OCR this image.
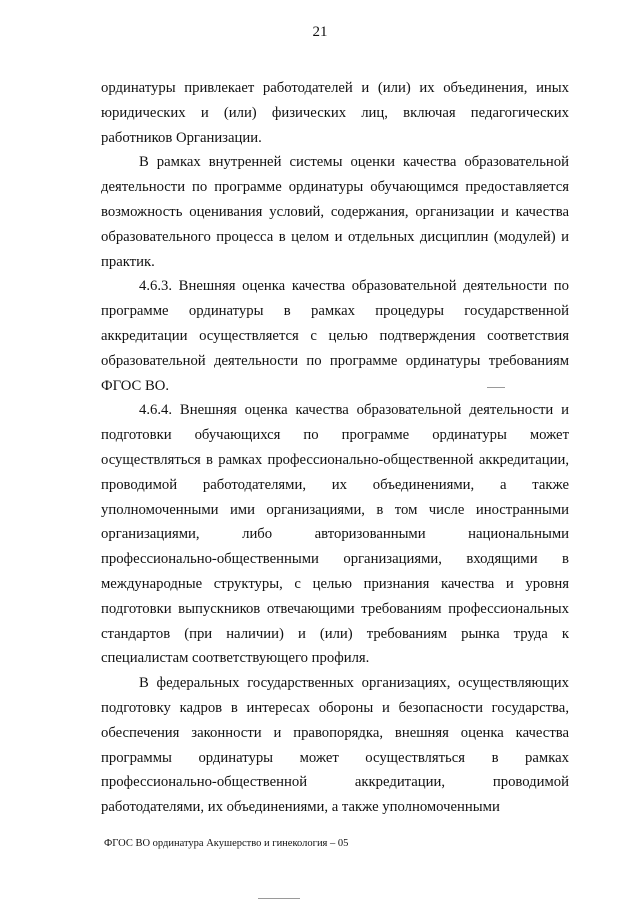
21

ординатуры привлекает работодателей и (или) их объединения, иных юридических и (или) физических лиц, включая педагогических работников Организации.

В рамках внутренней системы оценки качества образовательной деятельности по программе ординатуры обучающимся предоставляется возможность оценивания условий, содержания, организации и качества образовательного процесса в целом и отдельных дисциплин (модулей) и практик.

4.6.3. Внешняя оценка качества образовательной деятельности по программе ординатуры в рамках процедуры государственной аккредитации осуществляется с целью подтверждения соответствия образовательной деятельности по программе ординатуры требованиям ФГОС ВО.

4.6.4. Внешняя оценка качества образовательной деятельности и подготовки обучающихся по программе ординатуры может осуществляться в рамках профессионально-общественной аккредитации, проводимой работодателями, их объединениями, а также уполномоченными ими организациями, в том числе иностранными организациями, либо авторизованными национальными профессионально-общественными организациями, входящими в международные структуры, с целью признания качества и уровня подготовки выпускников отвечающими требованиям профессиональных стандартов (при наличии) и (или) требованиям рынка труда к специалистам соответствующего профиля.

В федеральных государственных организациях, осуществляющих подготовку кадров в интересах обороны и безопасности государства, обеспечения законности и правопорядка, внешняя оценка качества программы ординатуры может осуществляться в рамках профессионально-общественной аккредитации, проводимой работодателями, их объединениями, а также уполномоченными

ФГОС ВО ординатура Акушерство и гинекология – 05
